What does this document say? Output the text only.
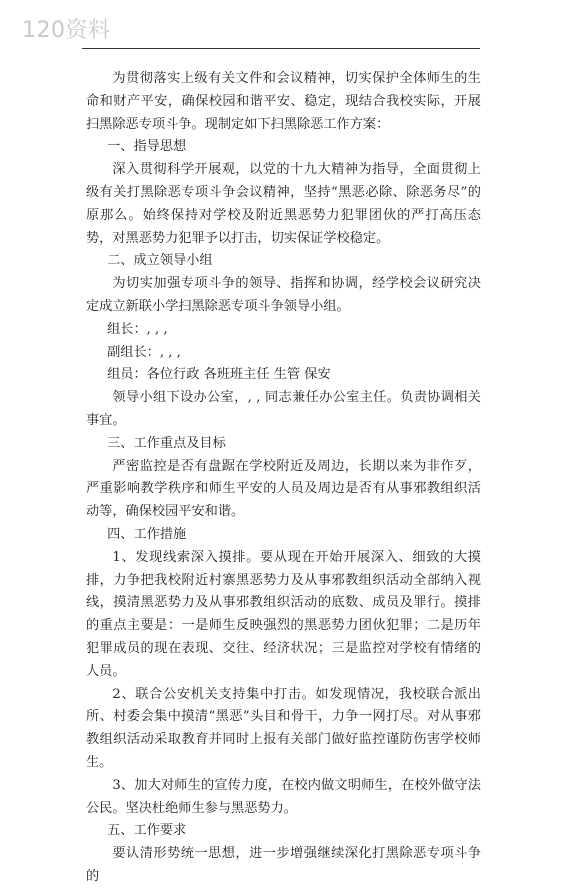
120资料

为贯彻落实上级有关文件和会议精神，切实保护全体师生的生命和财产平安，确保校园和谐平安、稳定，现结合我校实际，开展扫黑除恶专项斗争。现制定如下扫黑除恶工作方案：

一、指导思想

深入贯彻科学开展观，以党的十九大精神为指导，全面贯彻上级有关打黑除恶专项斗争会议精神，坚持“黑恶必除、除恶务尽”的原那么。始终保持对学校及附近黑恶势力犯罪团伙的严打高压态势，对黑恶势力犯罪予以打击，切实保证学校稳定。

二、成立领导小组

为切实加强专项斗争的领导、指挥和协调，经学校会议研究决定成立新联小学扫黑除恶专项斗争领导小组。

组长：, , ,

副组长：, , ,

组员：各位行政 各班班主任 生管 保安

领导小组下设办公室，, , 同志兼任办公室主任。负责协调相关事宜。

三、工作重点及目标

严密监控是否有盘踞在学校附近及周边，长期以来为非作歹，严重影响教学秩序和师生平安的人员及周边是否有从事邪教组织活动等，确保校园平安和谐。

四、工作措施

1、发现线索深入摸排。要从现在开始开展深入、细致的大摸排，力争把我校附近村寨黑恶势力及从事邪教组织活动全部纳入视线，摸清黑恶势力及从事邪教组织活动的底数、成员及罪行。摸排的重点主要是：一是师生反映强烈的黑恶势力团伙犯罪；二是历年犯罪成员的现在表现、交往、经济状况；三是监控对学校有情绪的人员。

2、联合公安机关支持集中打击。如发现情况，我校联合派出所、村委会集中摸清“黑恶”头目和骨干，力争一网打尽。对从事邪教组织活动采取教育并同时上报有关部门做好监控谨防伤害学校师生。

3、加大对师生的宣传力度，在校内做文明师生，在校外做守法公民。坚决杜绝师生参与黑恶势力。

五、工作要求

要认清形势统一思想，进一步增强继续深化打黑除恶专项斗争的
